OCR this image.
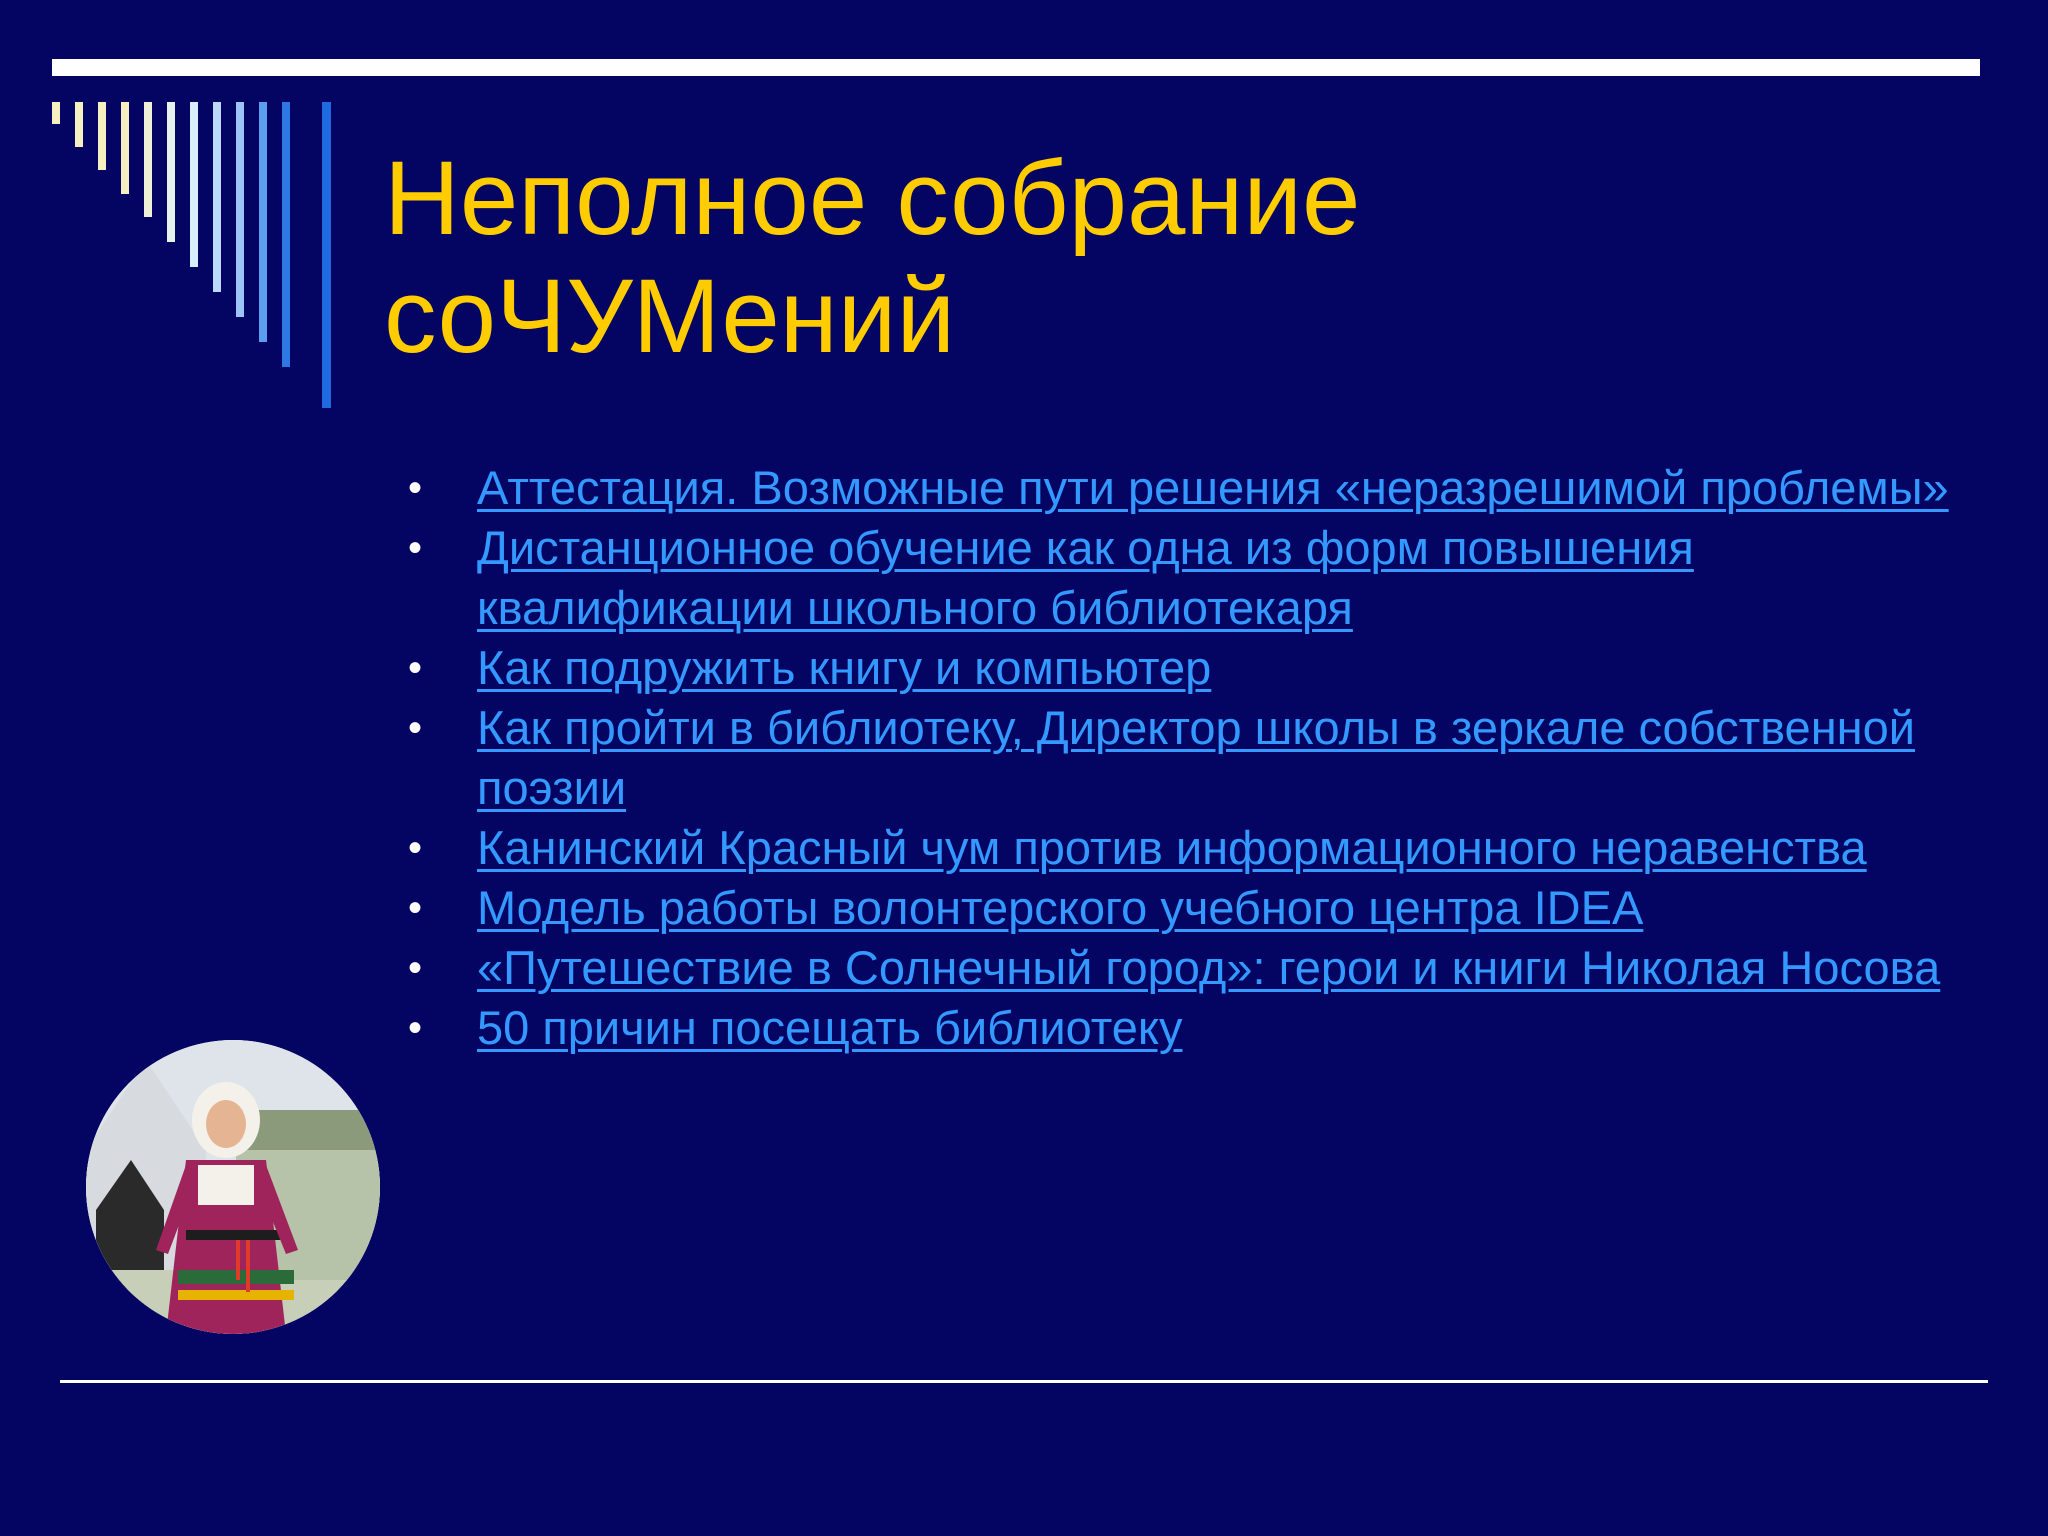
Неполное собрание
соЧУМений
• Аттестация. Возможные пути решения «неразрешимой проблемы»
• Дистанционное обучение как одна из форм повышения квалификации школьного библиотекаря
• Как подружить книгу и компьютер
• Как пройти в библиотеку, Директор школы в зеркале собственной поэзии
• Канинский Красный чум против информационного неравенства
• Модель работы волонтерского учебного центра IDEA
• «Путешествие в Солнечный город»: герои и книги Николая Носова
• 50 причин посещать библиотеку
